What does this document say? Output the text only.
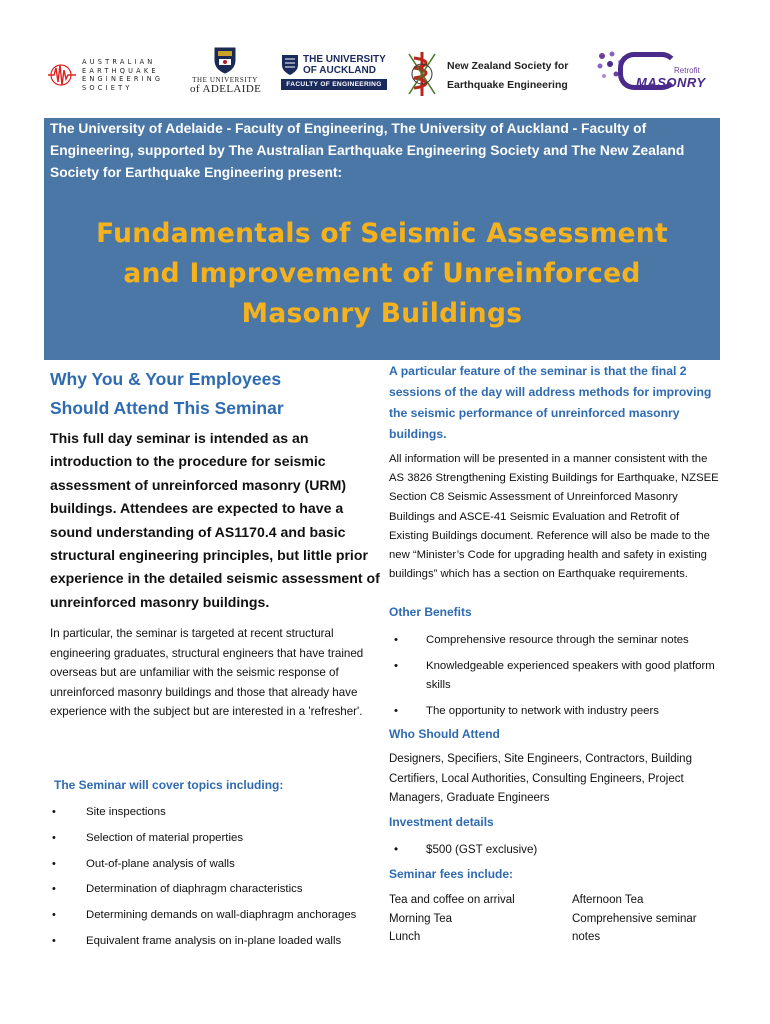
AUSTRALIAN
EARTHQUAKE
ENGINEERING
SOCIETY
THE UNIVERSITY
of ADELAIDE
THE UNIVERSITY
OF AUCKLAND
FACULTY OF ENGINEERING
New Zealand Society for
Earthquake Engineering
Retrofit
MASONRY

The University of Adelaide - Faculty of Engineering, The University of Auckland - Faculty of Engineering, supported by The Australian Earthquake Engineering Society and The New Zealand Society for Earthquake Engineering present:

Fundamentals of Seismic Assessment
and Improvement of Unreinforced
Masonry Buildings
Why You & Your Employees
Should Attend This Seminar

This full day seminar is intended as an introduction to the procedure for seismic assessment of unreinforced masonry (URM) buildings. Attendees are expected to have a sound understanding of AS1170.4 and basic structural engineering principles, but little prior experience in the detailed seismic assessment of unreinforced masonry buildings.

In particular, the seminar is targeted at recent structural engineering graduates, structural engineers that have trained overseas but are unfamiliar with the seismic response of unreinforced masonry buildings and those that already have experience with the subject but are interested in a 'refresher'.

The Seminar will cover topics including:
• Site inspections
• Selection of material properties
• Out-of-plane analysis of walls
• Determination of diaphragm characteristics
• Determining demands on wall-diaphragm anchorages
• Equivalent frame analysis on in-plane loaded walls

A particular feature of the seminar is that the final 2 sessions of the day will address methods for improving the seismic performance of unreinforced masonry buildings.

All information will be presented in a manner consistent with the AS 3826 Strengthening Existing Buildings for Earthquake, NZSEE Section C8 Seismic Assessment of Unreinforced Masonry Buildings and ASCE-41 Seismic Evaluation and Retrofit of Existing Buildings document. Reference will also be made to the new “Minister’s Code for upgrading health and safety in existing buildings” which has a section on Earthquake requirements.

Other Benefits
• Comprehensive resource through the seminar notes
• Knowledgeable experienced speakers with good platform skills
• The opportunity to network with industry peers
Who Should Attend

Designers, Specifiers, Site Engineers, Contractors, Building Certifiers, Local Authorities, Consulting Engineers, Project Managers, Graduate Engineers

Investment details
• $500 (GST exclusive)
Seminar fees include:
Tea and coffee on arrival
Morning Tea
Lunch
Afternoon Tea
Comprehensive seminar notes
